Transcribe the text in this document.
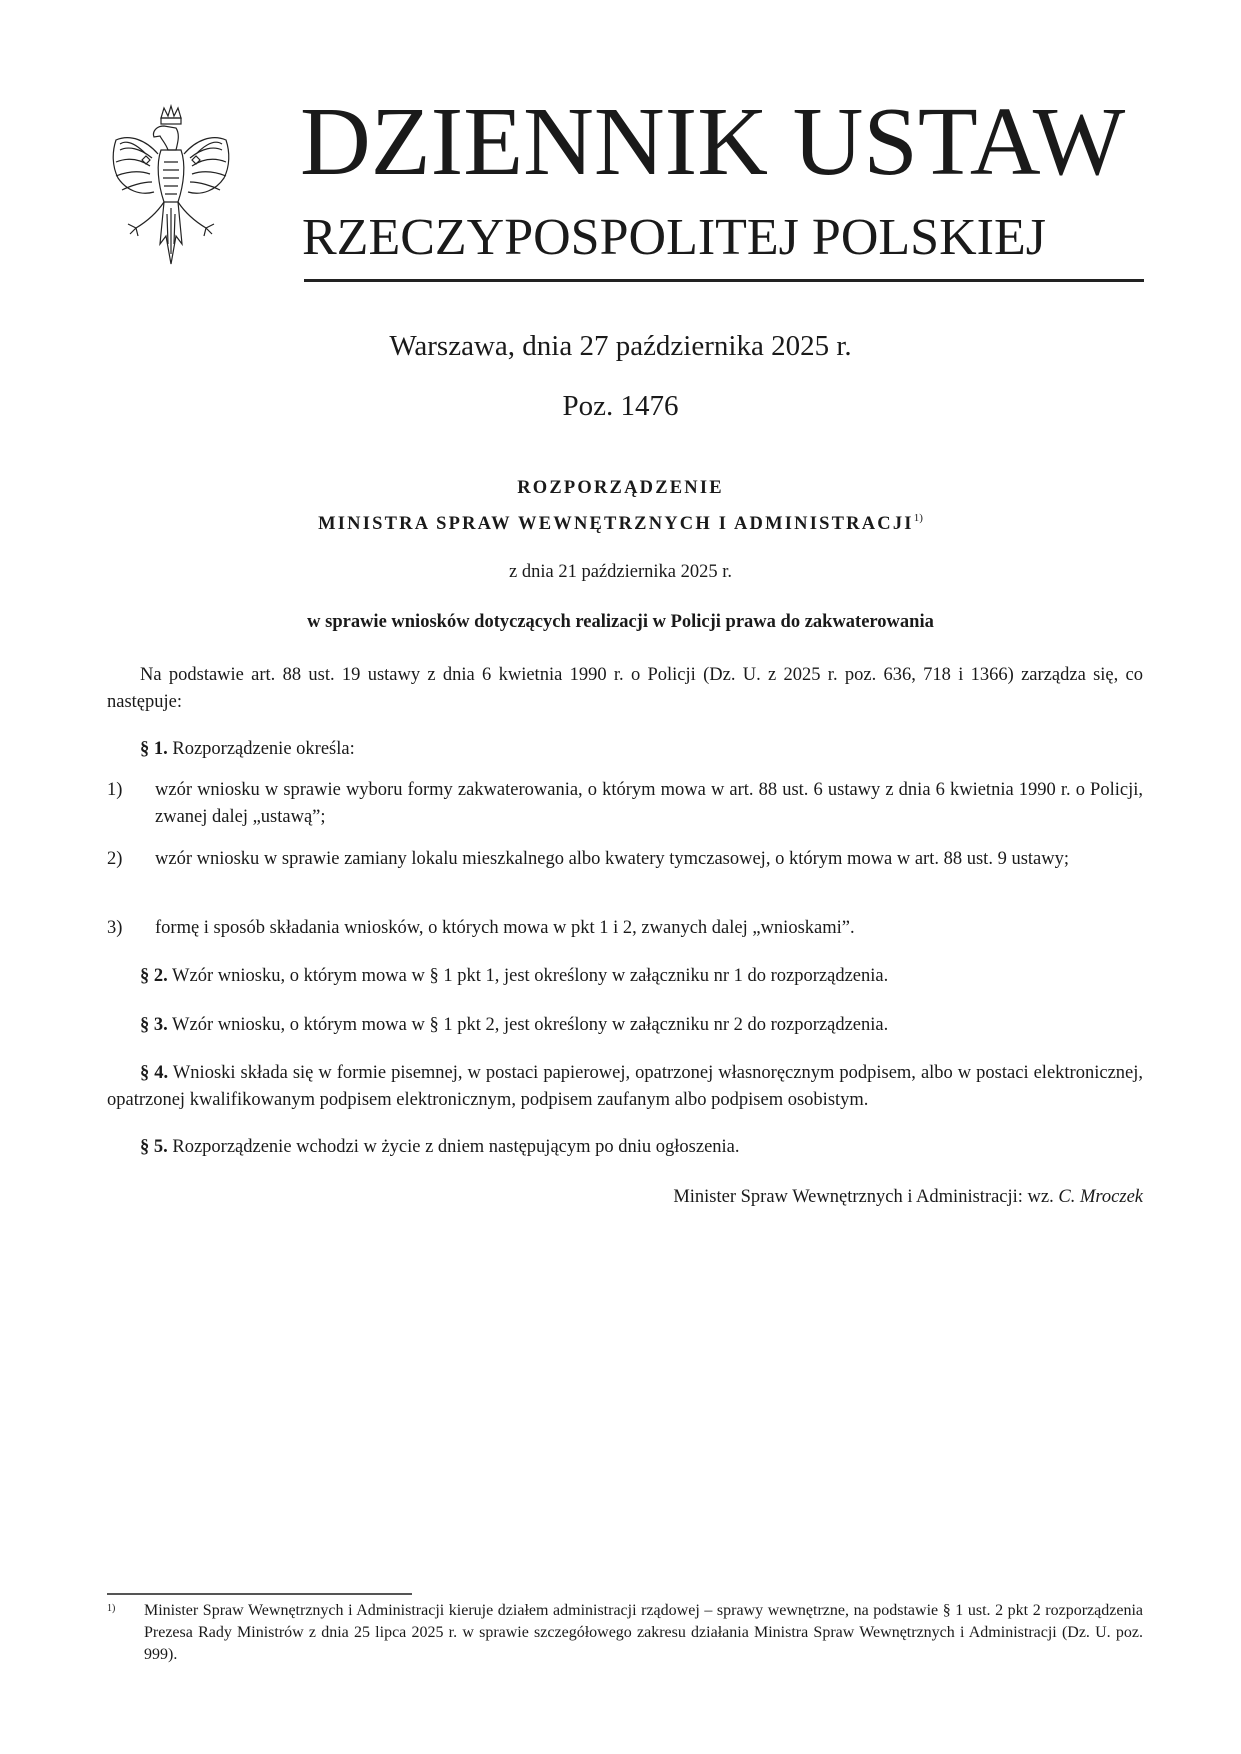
DZIENNIK USTAW
RZECZYPOSPOLITEJ POLSKIEJ
Warszawa, dnia 27 października 2025 r.
Poz. 1476
ROZPORZĄDZENIE
MINISTRA SPRAW WEWNĘTRZNYCH I ADMINISTRACJI$^{1)}$
z dnia 21 października 2025 r.
w sprawie wniosków dotyczących realizacji w Policji prawa do zakwaterowania
Na podstawie art. 88 ust. 19 ustawy z dnia 6 kwietnia 1990 r. o Policji (Dz. U. z 2025 r. poz. 636, 718 i 1366) zarządza się, co następuje:
§ 1. Rozporządzenie określa:
1) wzór wniosku w sprawie wyboru formy zakwaterowania, o którym mowa w art. 88 ust. 6 ustawy z dnia 6 kwietnia 1990 r. o Policji, zwanej dalej „ustawą”;
2) wzór wniosku w sprawie zamiany lokalu mieszkalnego albo kwatery tymczasowej, o którym mowa w art. 88 ust. 9 ustawy;
3) formę i sposób składania wniosków, o których mowa w pkt 1 i 2, zwanych dalej „wnioskami”.
§ 2. Wzór wniosku, o którym mowa w § 1 pkt 1, jest określony w załączniku nr 1 do rozporządzenia.
§ 3. Wzór wniosku, o którym mowa w § 1 pkt 2, jest określony w załączniku nr 2 do rozporządzenia.
§ 4. Wnioski składa się w formie pisemnej, w postaci papierowej, opatrzonej własnoręcznym podpisem, albo w postaci elektronicznej, opatrzonej kwalifikowanym podpisem elektronicznym, podpisem zaufanym albo podpisem osobistym.
§ 5. Rozporządzenie wchodzi w życie z dniem następującym po dniu ogłoszenia.
Minister Spraw Wewnętrznych i Administracji: wz. C. Mroczek
1) Minister Spraw Wewnętrznych i Administracji kieruje działem administracji rządowej – sprawy wewnętrzne, na podstawie § 1 ust. 2 pkt 2 rozporządzenia Prezesa Rady Ministrów z dnia 25 lipca 2025 r. w sprawie szczegółowego zakresu działania Ministra Spraw Wewnętrznych i Administracji (Dz. U. poz. 999).
